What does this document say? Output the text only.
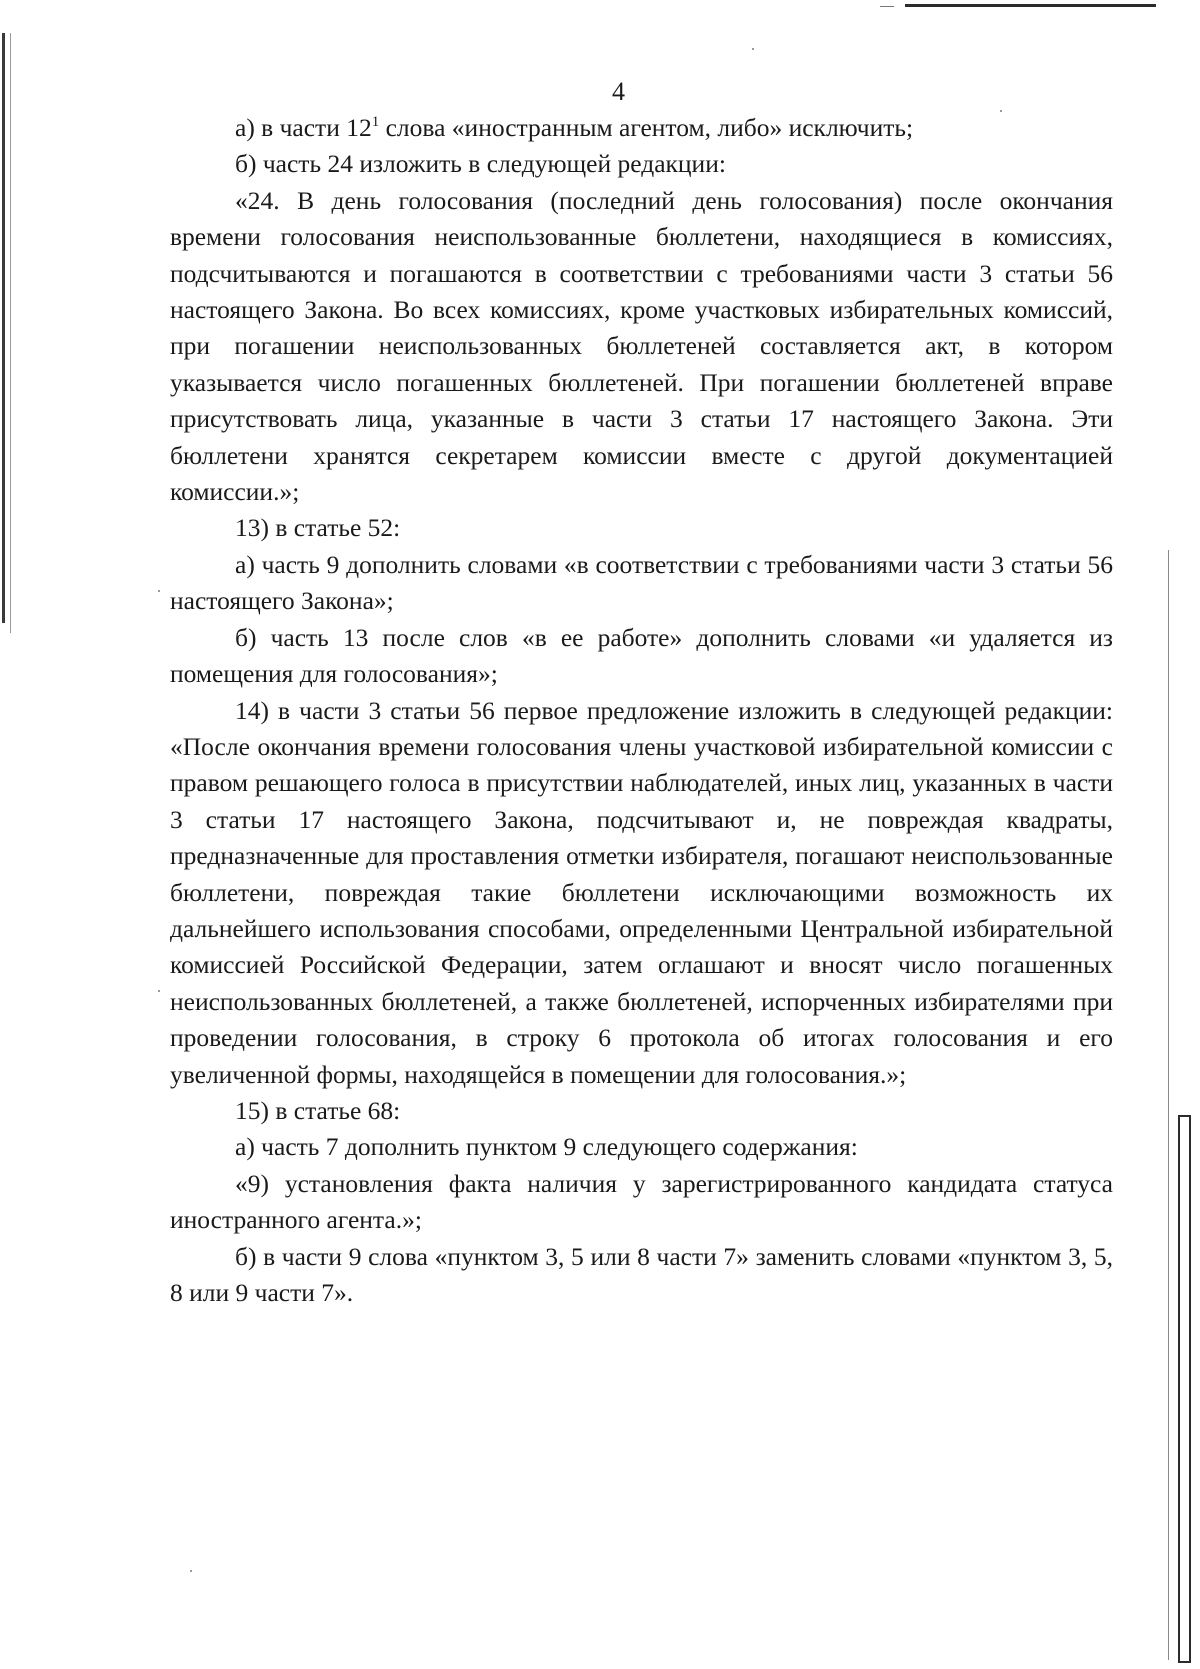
4

а) в части $12^1$ слова «иностранным агентом, либо» исключить;

б) часть 24 изложить в следующей редакции:

«24. В день голосования (последний день голосования) после окончания времени голосования неиспользованные бюллетени, находящиеся в комиссиях, подсчитываются и погашаются в соответствии с требованиями части 3 статьи 56 настоящего Закона. Во всех комиссиях, кроме участковых избирательных комиссий, при погашении неиспользованных бюллетеней составляется акт, в котором указывается число погашенных бюллетеней. При погашении бюллетеней вправе присутствовать лица, указанные в части 3 статьи 17 настоящего Закона. Эти бюллетени хранятся секретарем комиссии вместе с другой документацией комиссии.»;

13) в статье 52:

а) часть 9 дополнить словами «в соответствии с требованиями части 3 статьи 56 настоящего Закона»;

б) часть 13 после слов «в ее работе» дополнить словами «и удаляется из помещения для голосования»;

14) в части 3 статьи 56 первое предложение изложить в следующей редакции: «После окончания времени голосования члены участковой избирательной комиссии с правом решающего голоса в присутствии наблюдателей, иных лиц, указанных в части 3 статьи 17 настоящего Закона, подсчитывают и, не повреждая квадраты, предназначенные для проставления отметки избирателя, погашают неиспользованные бюллетени, повреждая такие бюллетени исключающими возможность их дальнейшего использования способами, определенными Центральной избирательной комиссией Российской Федерации, затем оглашают и вносят число погашенных неиспользованных бюллетеней, а также бюллетеней, испорченных избирателями при проведении голосования, в строку 6 протокола об итогах голосования и его увеличенной формы, находящейся в помещении для голосования.»;

15) в статье 68:

а) часть 7 дополнить пунктом 9 следующего содержания:

«9) установления факта наличия у зарегистрированного кандидата статуса иностранного агента.»;

б) в части 9 слова «пунктом 3, 5 или 8 части 7» заменить словами «пунктом 3, 5, 8 или 9 части 7».
